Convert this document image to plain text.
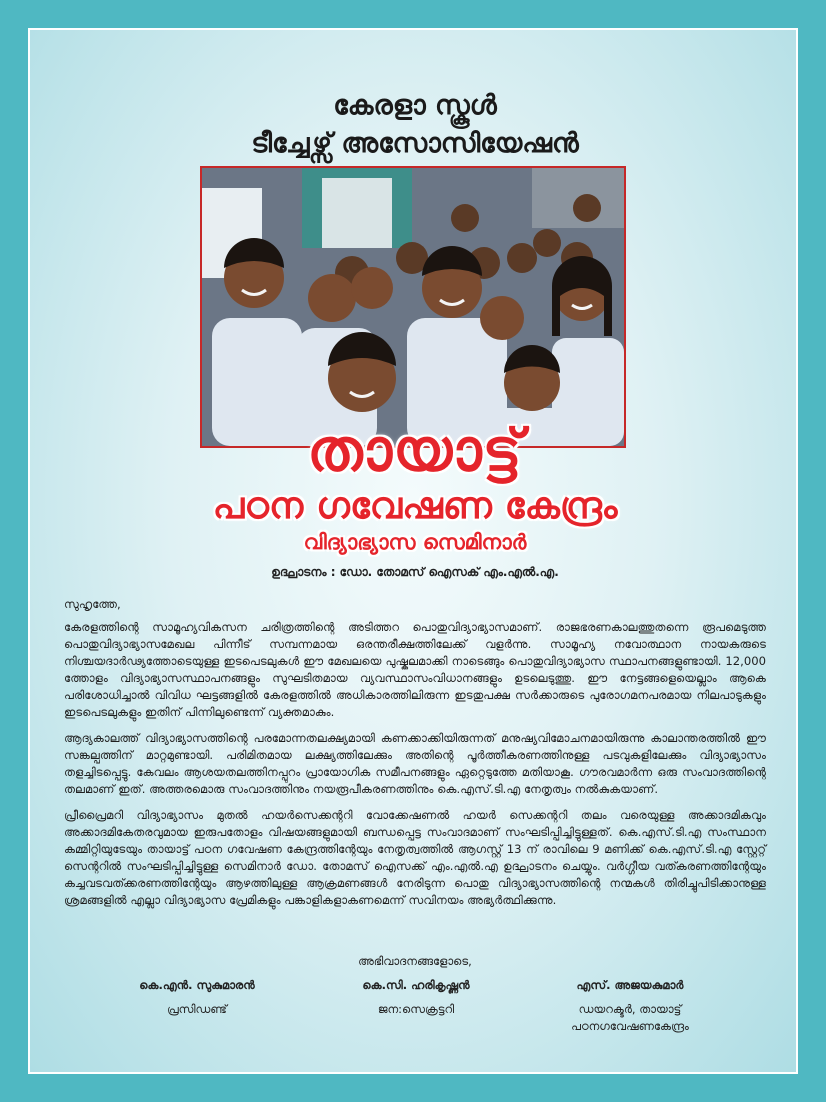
കേരളാ സ്കൂൾ
ടീച്ചേഴ്സ് അസോസിയേഷൻ
തായാട്ട്
പഠന ഗവേഷണ കേന്ദ്രം
വിദ്യാഭ്യാസ സെമിനാർ
ഉദ്ഘാടനം : ഡോ. തോമസ് ഐസക് എം.എൽ.എ.

സുഹൃത്തേ,

കേരളത്തിന്റെ സാമൂഹ്യവികസന ചരിത്രത്തിന്റെ അടിത്തറ പൊതുവിദ്യാഭ്യാസമാണ്. രാജഭരണകാലത്തുതന്നെ രൂപമെടുത്ത പൊതുവിദ്യാഭ്യാസമേഖല പിന്നീട് സമ്പന്നമായ ഒരന്തരീക്ഷത്തിലേക്ക് വളർന്നു. സാമൂഹ്യ നവോത്ഥാന നായകരുടെ നിശ്ചയദാർഢ്യത്തോടെയുള്ള ഇടപെടലുകൾ ഈ മേഖലയെ പുഷ്കലമാക്കി നാടെങ്ങും പൊതുവിദ്യാഭ്യാസ സ്ഥാപനങ്ങളുണ്ടായി. 12,000 ത്തോളം വിദ്യാഭ്യാസസ്ഥാപനങ്ങളും സുഘടിതമായ വ്യവസ്ഥാസംവിധാനങ്ങളും ഉടലെടുത്തു. ഈ നേട്ടങ്ങളെയെല്ലാം ആകെ പരിശോധിച്ചാൽ വിവിധ ഘട്ടങ്ങളിൽ കേരളത്തിൽ അധികാരത്തിലിരുന്ന ഇടതുപക്ഷ സർക്കാരുടെ പുരോഗമനപരമായ നിലപാടുകളും ഇടപെടലുകളും ഇതിന് പിന്നിലുണ്ടെന്ന് വ്യക്തമാകും.

ആദ്യകാലത്ത് വിദ്യാഭ്യാസത്തിന്റെ പരമോന്നതലക്ഷ്യമായി കണക്കാക്കിയിരുന്നത് മനുഷ്യവിമോചനമായിരുന്നു കാലാന്തരത്തിൽ ഈ സങ്കല്പത്തിന് മാറ്റമുണ്ടായി. പരിമിതമായ ലക്ഷ്യത്തിലേക്കും അതിന്റെ പൂർത്തീകരണത്തിനുള്ള പടവുകളിലേക്കും വിദ്യാഭ്യാസം തളച്ചിടപ്പെട്ടു. കേവലം ആശയതലത്തിനപ്പുറം പ്രായോഗിക സമീപനങ്ങളും ഏറ്റെടുത്തേ മതിയാകൂ. ഗൗരവമാർന്ന ഒരു സംവാദത്തിന്റെ തലമാണ് ഇത്. അത്തരമൊരു സംവാദത്തിനും നയരൂപീകരണത്തിനും കെ.എസ്.ടി.എ നേതൃത്വം നൽകുകയാണ്.

പ്രീപ്രൈമറി വിദ്യാഭ്യാസം മുതൽ ഹയർസെക്കന്ററി വോക്കേഷണൽ ഹയർ സെക്കന്ററി തലം വരെയുള്ള അക്കാദമികവും അക്കാദമികേതരവുമായ ഇരുപതോളം വിഷയങ്ങളുമായി ബന്ധപ്പെട്ട സംവാദമാണ് സംഘടിപ്പിച്ചിട്ടുള്ളത്. കെ.എസ്.ടി.എ സംസ്ഥാന കമ്മിറ്റിയുടേയും തായാട്ട് പഠന ഗവേഷണ കേന്ദ്രത്തിന്റേയും നേതൃത്വത്തിൽ ആഗസ്റ്റ് 13 ന് രാവിലെ 9 മണിക്ക് കെ.എസ്.ടി.എ സ്റ്റേറ്റ് സെന്ററിൽ സംഘടിപ്പിച്ചിട്ടുള്ള സെമിനാർ ഡോ. തോമസ് ഐസക്ക് എം.എൽ.എ ഉദ്ഘാടനം ചെയ്യും. വർഗ്ഗീയ വത്കരണത്തിന്റേയും കച്ചവടവത്ക്കരണത്തിന്റേയും ആഴത്തിലുള്ള ആക്രമണങ്ങൾ നേരിടുന്ന പൊതു വിദ്യാഭ്യാസത്തിന്റെ നന്മകൾ തിരിച്ചുപിടിക്കാനുള്ള ശ്രമങ്ങളിൽ എല്ലാ വിദ്യാഭ്യാസ പ്രേമികളും പങ്കാളികളാകണമെന്ന് സവിനയം അഭ്യർത്ഥിക്കുന്നു.

അഭിവാദനങ്ങളോടെ,
കെ.എൻ. സുകുമാരൻ
പ്രസിഡണ്ട്
കെ.സി. ഹരികൃഷ്ണൻ
ജന:സെക്രട്ടറി
എസ്. അജയകുമാർ
ഡയറക്ടർ, തായാട്ട്
പഠനഗവേഷണകേന്ദ്രം
